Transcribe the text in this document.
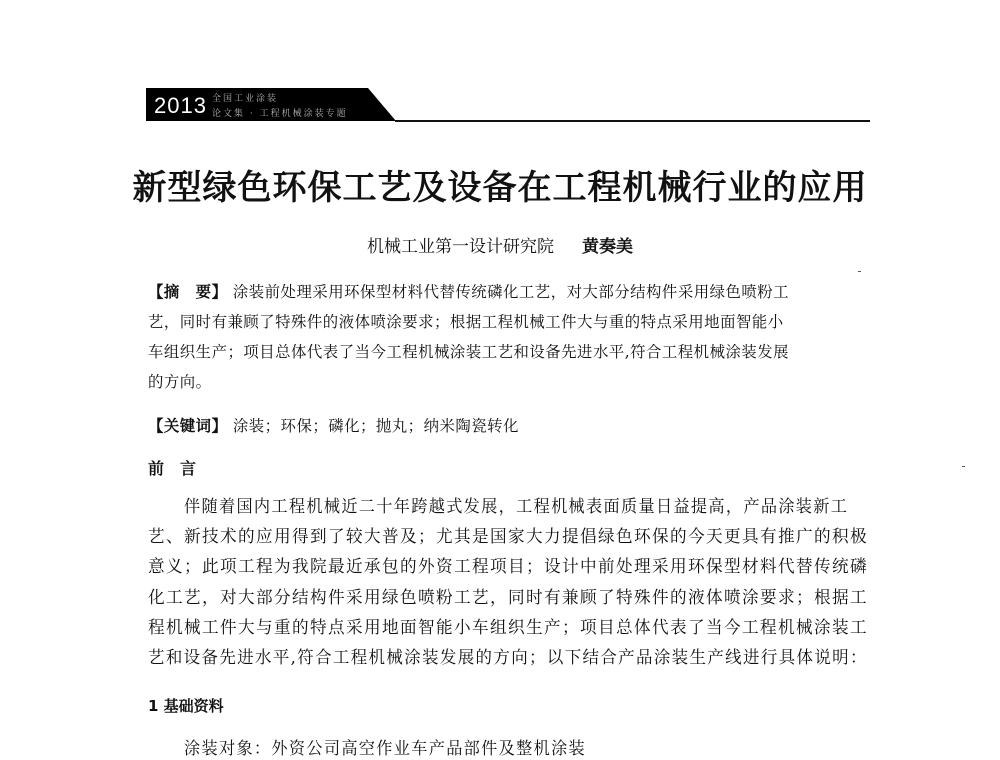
2013 全国工业涂装
论文集 · 工程机械涂装专题
新型绿色环保工艺及设备在工程机械行业的应用
机械工业第一设计研究院 黄奏美
【摘　要】 涂装前处理采用环保型材料代替传统磷化工艺，对大部分结构件采用绿色喷粉工
艺，同时有兼顾了特殊件的液体喷涂要求；根据工程机械工件大与重的特点采用地面智能小
车组织生产；项目总体代表了当今工程机械涂装工艺和设备先进水平,符合工程机械涂装发展
的方向。
【关键词】 涂装；环保；磷化；抛丸；纳米陶瓷转化
前　言
伴随着国内工程机械近二十年跨越式发展，工程机械表面质量日益提高，产品涂装新工
艺、新技术的应用得到了较大普及；尤其是国家大力提倡绿色环保的今天更具有推广的积极
意义；此项工程为我院最近承包的外资工程项目；设计中前处理采用环保型材料代替传统磷
化工艺，对大部分结构件采用绿色喷粉工艺，同时有兼顾了特殊件的液体喷涂要求；根据工
程机械工件大与重的特点采用地面智能小车组织生产；项目总体代表了当今工程机械涂装工
艺和设备先进水平,符合工程机械涂装发展的方向；以下结合产品涂装生产线进行具体说明：
1 基础资料
涂装对象：外资公司高空作业车产品部件及整机涂装
